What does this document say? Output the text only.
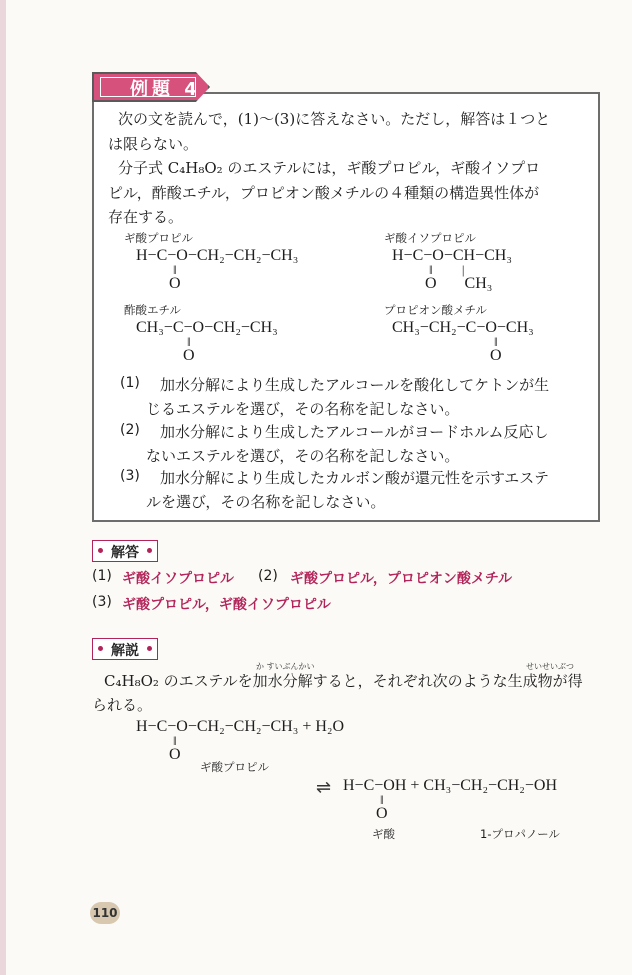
例題 4
次の文を読んで，(1)〜(3)に答えなさい。ただし，解答は１つと
は限らない。
分子式 C₄H₈O₂ のエステルには，ギ酸プロピル，ギ酸イソプロ
ピル，酢酸エチル，プロピオン酸メチルの４種類の構造異性体が
存在する。
ギ酸プロピル
H−C−O−CH₂−CH₂−CH₃
‖
O
ギ酸イソプロピル
H−C−O−CH−CH₃
‖         |
O       CH₃
酢酸エチル
CH₃−C−O−CH₂−CH₃
‖
O
プロピオン酸メチル
CH₃−CH₂−C−O−CH₃
‖
O
(1) 加水分解により生成したアルコールを酸化してケトンが生
じるエステルを選び，その名称を記しなさい。
(2) 加水分解により生成したアルコールがヨードホルム反応し
ないエステルを選び，その名称を記しなさい。
(3) 加水分解により生成したカルボン酸が還元性を示すエステ
ルを選び，その名称を記しなさい。
解答
(1) ギ酸イソプロピル (2) ギ酸プロピル，プロピオン酸メチル
(3) ギ酸プロピル，ギ酸イソプロピル
解説
か すいぶんかい	せいせいぶつ
C₄H₈O₂ のエステルを加水分解すると，それぞれ次のような生成物が得
られる。
H−C−O−CH₂−CH₂−CH₃ + H₂O
‖
O
ギ酸プロピル
⇌ H−C−OH + CH₃−CH₂−CH₂−OH
‖
O
ギ酸	1-プロパノール
110
